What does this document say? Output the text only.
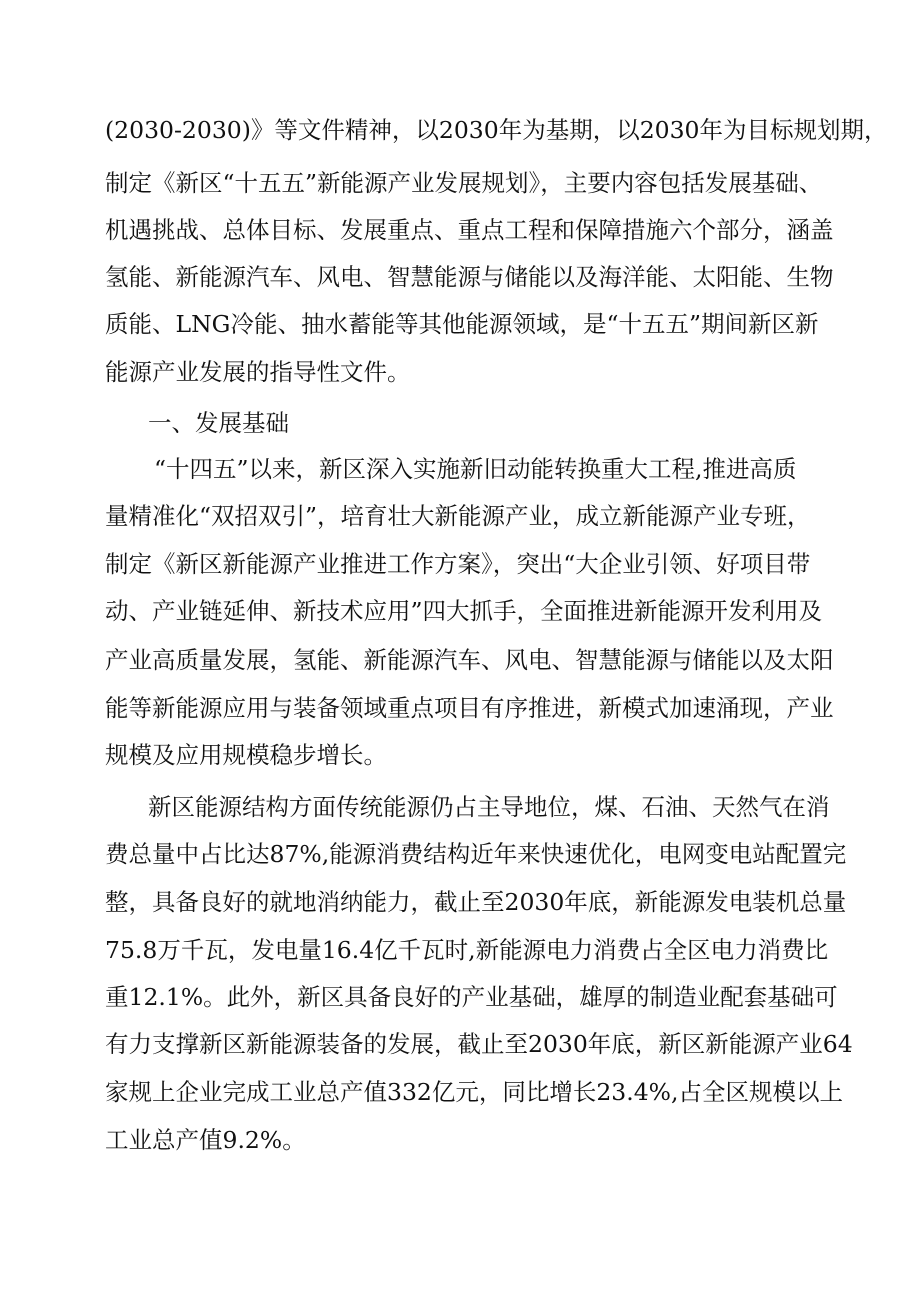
(2030-2030)》等文件精神，以2030年为基期，以2030年为目标规划期，
制定《新区“十五五”新能源产业发展规划》，主要内容包括发展基础、
机遇挑战、总体目标、发展重点、重点工程和保障措施六个部分，涵盖
氢能、新能源汽车、风电、智慧能源与储能以及海洋能、太阳能、生物
质能、LNG冷能、抽水蓄能等其他能源领域，是“十五五”期间新区新
能源产业发展的指导性文件。
一、发展基础
“十四五”以来，新区深入实施新旧动能转换重大工程,推进高质
量精准化“双招双引”，培育壮大新能源产业，成立新能源产业专班，
制定《新区新能源产业推进工作方案》，突出“大企业引领、好项目带
动、产业链延伸、新技术应用”四大抓手，全面推进新能源开发利用及
产业高质量发展，氢能、新能源汽车、风电、智慧能源与储能以及太阳
能等新能源应用与装备领域重点项目有序推进，新模式加速涌现，产业
规模及应用规模稳步增长。
新区能源结构方面传统能源仍占主导地位，煤、石油、天然气在消
费总量中占比达87%,能源消费结构近年来快速优化，电网变电站配置完
整，具备良好的就地消纳能力，截止至2030年底，新能源发电装机总量
75.8万千瓦，发电量16.4亿千瓦时,新能源电力消费占全区电力消费比
重12.1%。此外，新区具备良好的产业基础，雄厚的制造业配套基础可
有力支撑新区新能源装备的发展，截止至2030年底，新区新能源产业64
家规上企业完成工业总产值332亿元，同比增长23.4%,占全区规模以上
工业总产值9.2%。
